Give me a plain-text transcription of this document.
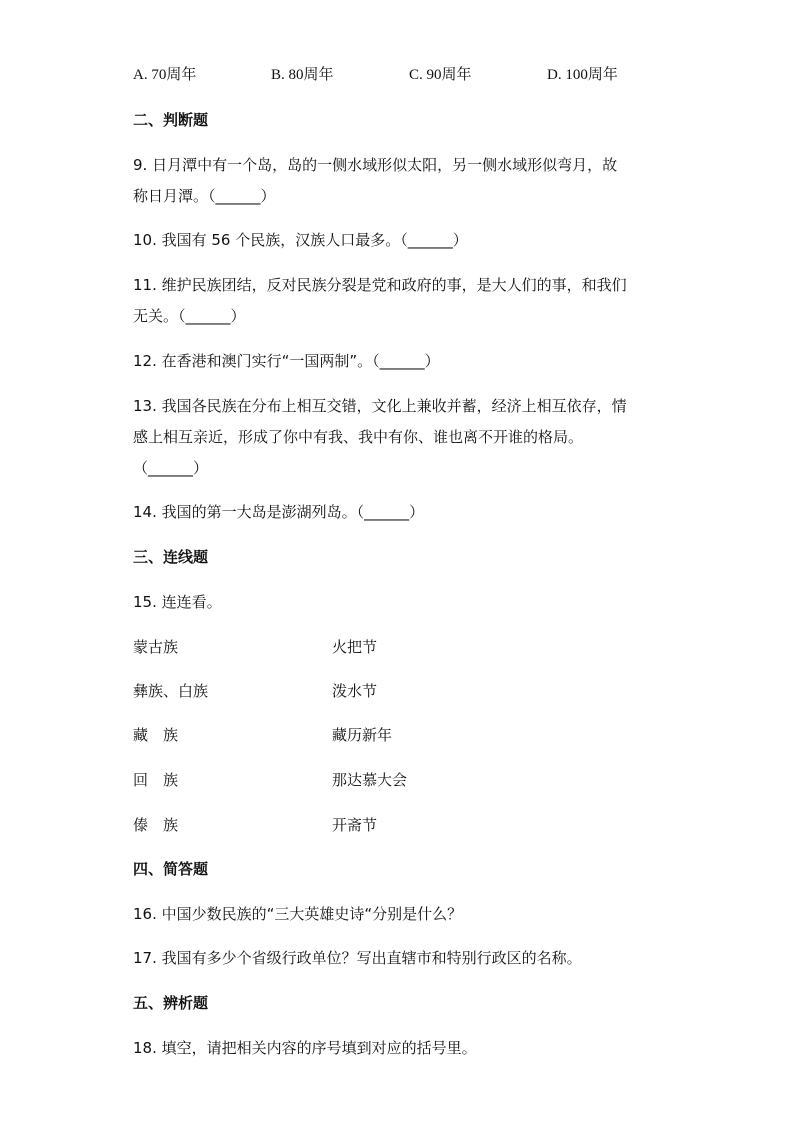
A. 70周年	B. 80周年	C. 90周年	D. 100周年
二、判断题
9. 日月潭中有一个岛，岛的一侧水域形似太阳，另一侧水域形似弯月，故
称日月潭。（______）
10. 我国有 56 个民族，汉族人口最多。（______）
11. 维护民族团结，反对民族分裂是党和政府的事，是大人们的事，和我们
无关。（______）
12. 在香港和澳门实行“一国两制”。（______）
13. 我国各民族在分布上相互交错，文化上兼收并蓄，经济上相互依存，情
感上相互亲近，形成了你中有我、我中有你、谁也离不开谁的格局。
（______）
14. 我国的第一大岛是澎湖列岛。（______）
三、连线题
15. 连连看。
蒙古族	火把节
彝族、白族	泼水节
藏　族	藏历新年
回　族	那达慕大会
傣　族	开斋节
四、简答题
16. 中国少数民族的“三大英雄史诗“分别是什么？
17. 我国有多少个省级行政单位？写出直辖市和特别行政区的名称。
五、辨析题
18. 填空，请把相关内容的序号填到对应的括号里。
